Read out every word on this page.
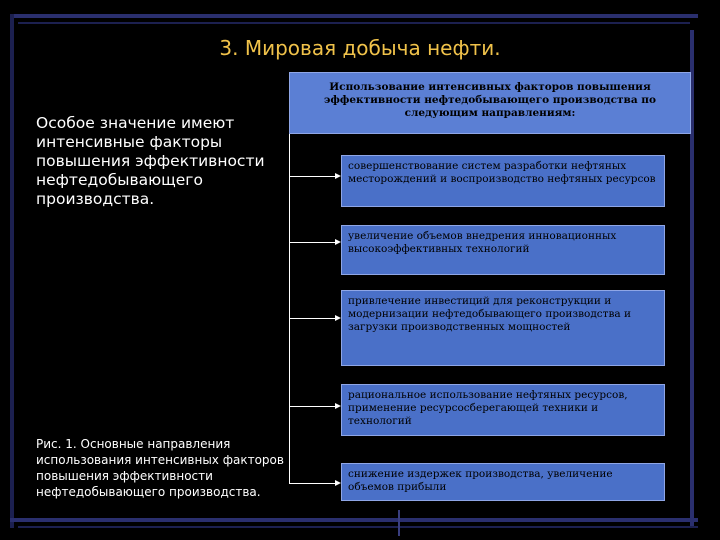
3. Мировая добыча нефти.
Особое значение имеют интенсивные факторы повышения эффективности нефтедобывающего производства.
Рис. 1. Основные направления использования интенсивных факторов повышения эффективности нефтедобывающего производства.
Использование интенсивных факторов повышения эффективности нефтедобывающего производства по следующим направлениям:
совершенствование систем разработки нефтяных месторождений и воспроизводство нефтяных ресурсов
увеличение объемов внедрения инновационных высокоэффективных технологий
привлечение инвестиций для реконструкции и модернизации нефтедобывающего производства и загрузки производственных мощностей
рациональное использование нефтяных ресурсов, применение ресурсосберегающей техники и технологий
снижение издержек производства, увеличение объемов прибыли
